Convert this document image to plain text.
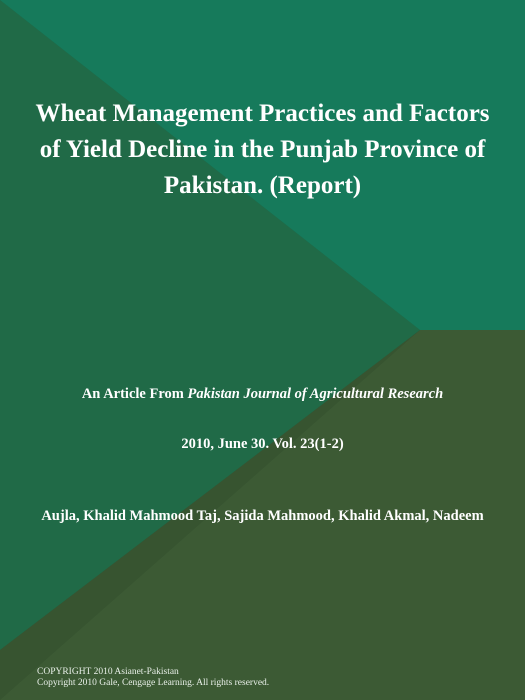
Wheat Management Practices and Factors of Yield Decline in the Punjab Province of Pakistan. (Report)
An Article From Pakistan Journal of Agricultural Research
2010, June 30. Vol. 23(1-2)
Aujla, Khalid Mahmood Taj, Sajida Mahmood, Khalid Akmal, Nadeem
COPYRIGHT 2010 Asianet-Pakistan
Copyright 2010 Gale, Cengage Learning. All rights reserved.
